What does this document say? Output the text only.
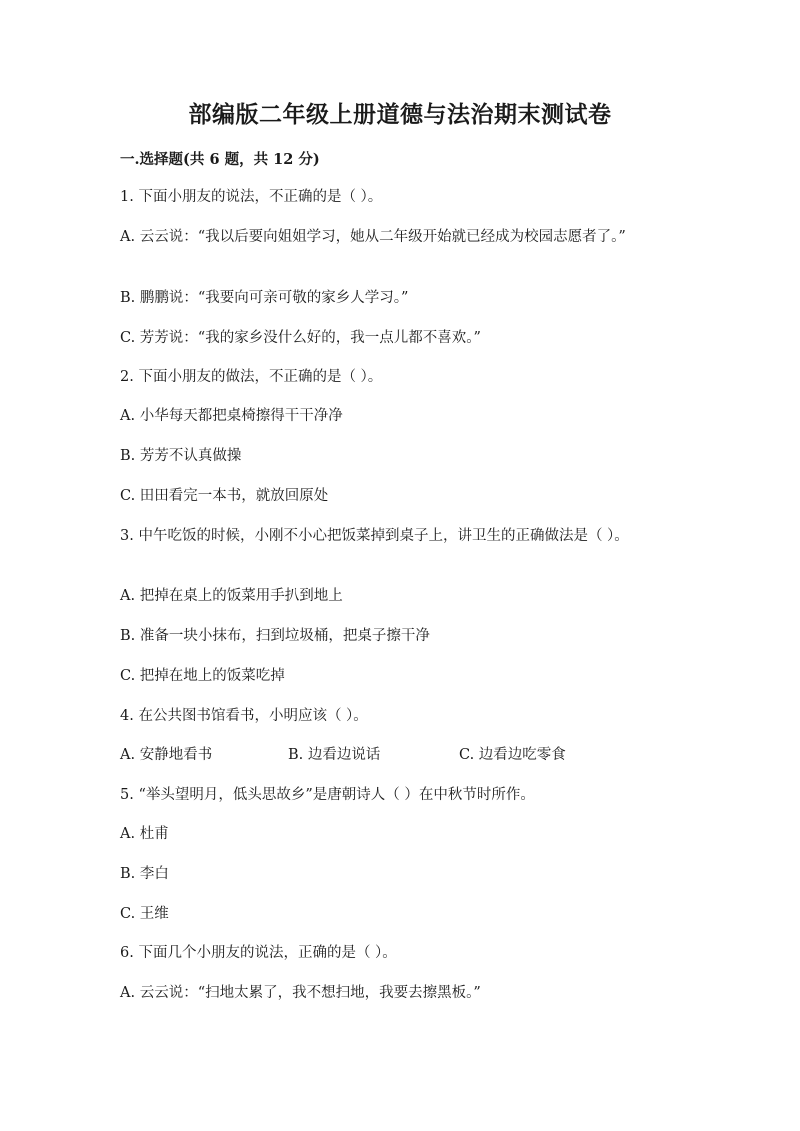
部编版二年级上册道德与法治期末测试卷
一.选择题(共 6 题，共 12 分)
1. 下面小朋友的说法，不正确的是（ ）。
A. 云云说：“我以后要向姐姐学习，她从二年级开始就已经成为校园志愿者了。”
B. 鹏鹏说：“我要向可亲可敬的家乡人学习。”
C. 芳芳说：“我的家乡没什么好的，我一点儿都不喜欢。”
2. 下面小朋友的做法，不正确的是（ ）。
A. 小华每天都把桌椅擦得干干净净
B. 芳芳不认真做操
C. 田田看完一本书，就放回原处
3. 中午吃饭的时候，小刚不小心把饭菜掉到桌子上，讲卫生的正确做法是（ ）。
A. 把掉在桌上的饭菜用手扒到地上
B. 准备一块小抹布，扫到垃圾桶，把桌子擦干净
C. 把掉在地上的饭菜吃掉
4. 在公共图书馆看书，小明应该（ ）。
A. 安静地看书	B. 边看边说话	C. 边看边吃零食
5. “举头望明月，低头思故乡”是唐朝诗人（ ）在中秋节时所作。
A. 杜甫
B. 李白
C. 王维
6. 下面几个小朋友的说法，正确的是（ ）。
A. 云云说：“扫地太累了，我不想扫地，我要去擦黑板。”
